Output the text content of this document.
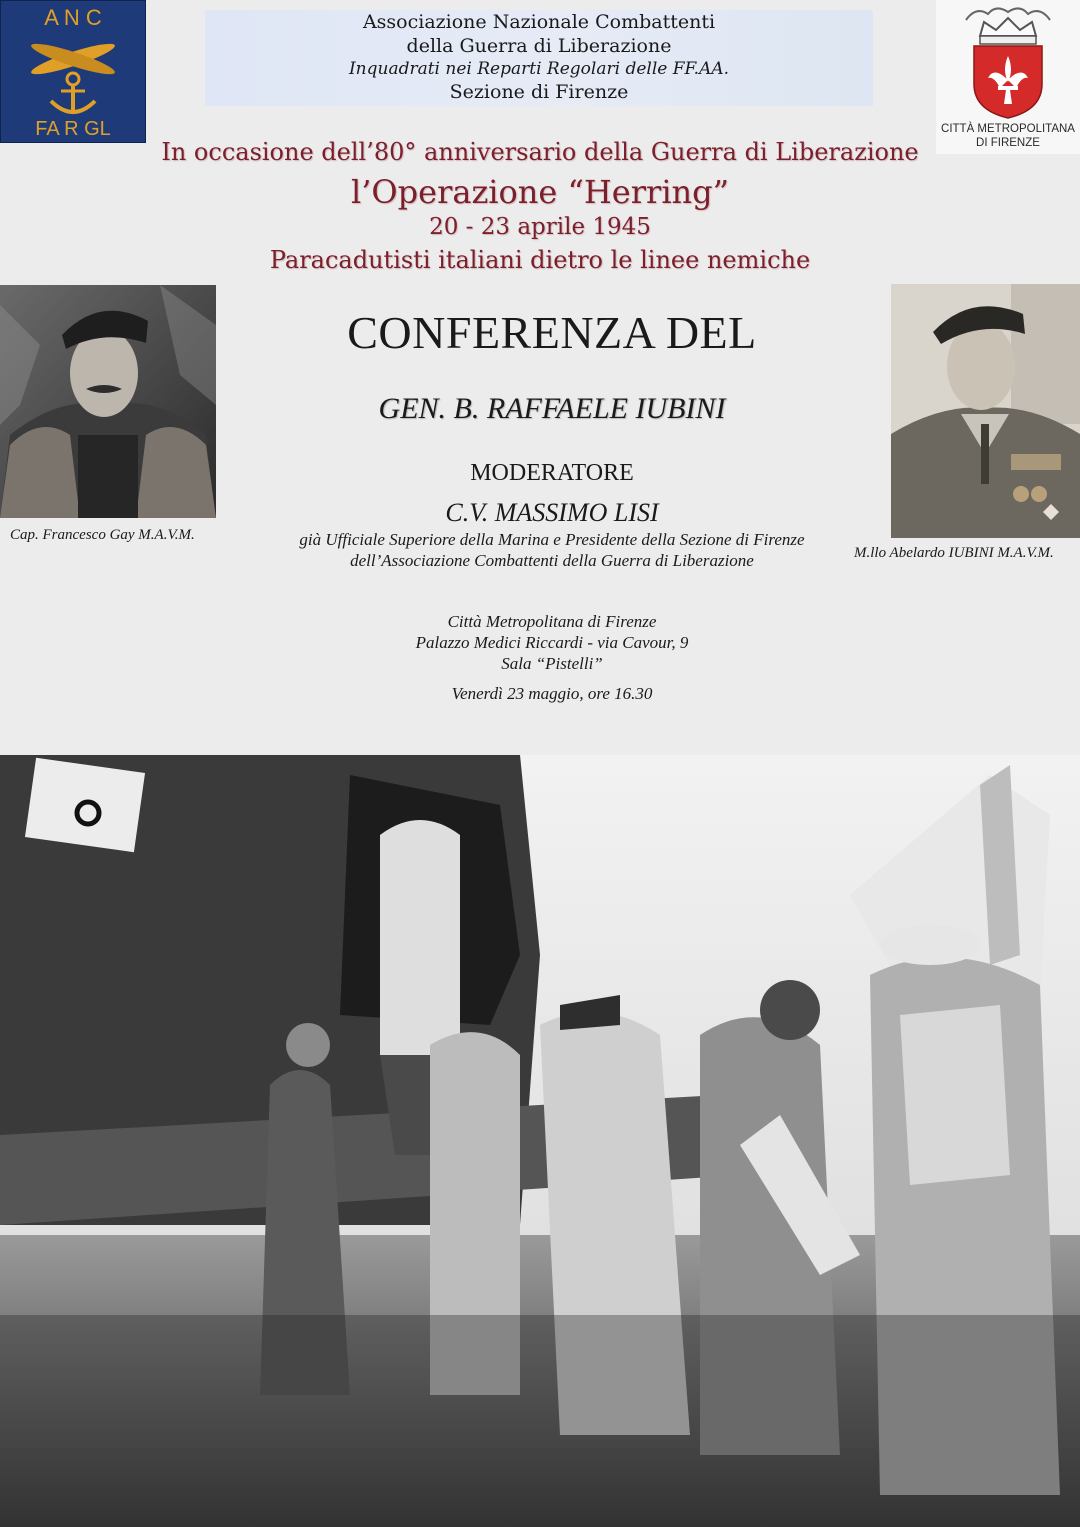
A N C
FA R GL
Associazione Nazionale Combattenti
della Guerra di Liberazione
Inquadrati nei Reparti Regolari delle FF.AA.
Sezione di Firenze
CITTÀ METROPOLITANA
DI FIRENZE
In occasione dell’80° anniversario della Guerra di Liberazione
l’Operazione “Herring”
20 - 23 aprile 1945
Paracadutisti italiani dietro le linee nemiche
Cap. Francesco Gay M.A.V.M.
M.llo Abelardo IUBINI M.A.V.M.
CONFERENZA DEL
GEN. B. RAFFAELE IUBINI
MODERATORE
C.V. MASSIMO LISI
già Ufficiale Superiore della Marina e Presidente della Sezione di Firenze
dell’Associazione Combattenti della Guerra di Liberazione
Città Metropolitana di Firenze
Palazzo Medici Riccardi - via Cavour, 9
Sala “Pistelli”
Venerdì 23 maggio, ore 16.30
